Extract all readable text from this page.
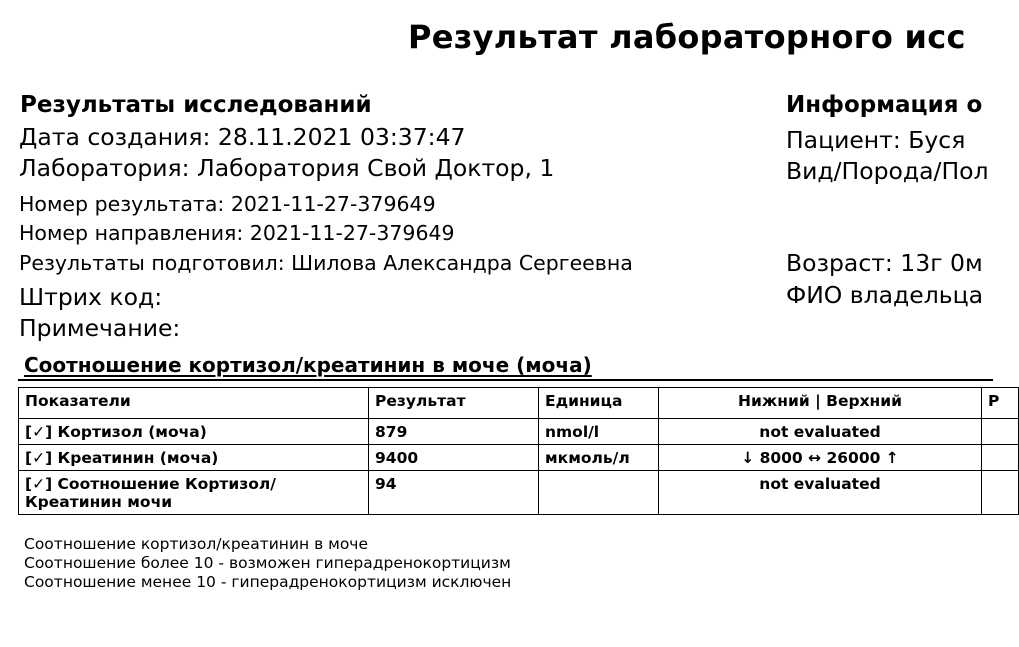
Результат лабораторного исс
Результаты исследований
Дата создания: 28.11.2021 03:37:47
Лаборатория: Лаборатория Свой Доктор, 1
Номер результата: 2021-11-27-379649
Номер направления: 2021-11-27-379649
Результаты подготовил: Шилова Александра Сергеевна
Штрих код:
Примечание:
Информация о
Пациент: Буся
Вид/Порода/Пол
Возраст: 13г 0м
ФИО владельца
Соотношение кортизол/креатинин в моче (моча)
Показатели	Результат	Единица	Нижний | Верхний	Р
[✓] Кортизол (моча)	879	nmol/l	not evaluated	
[✓] Креатинин (моча)	9400	мкмоль/л	↓ 8000 ↔ 26000 ↑	
[✓] Соотношение Кортизол/Креатинин мочи	94		not evaluated	
Соотношение кортизол/креатинин в моче
Соотношение более 10 - возможен гиперадренокортицизм
Соотношение менее 10 - гиперадренокортицизм исключен
